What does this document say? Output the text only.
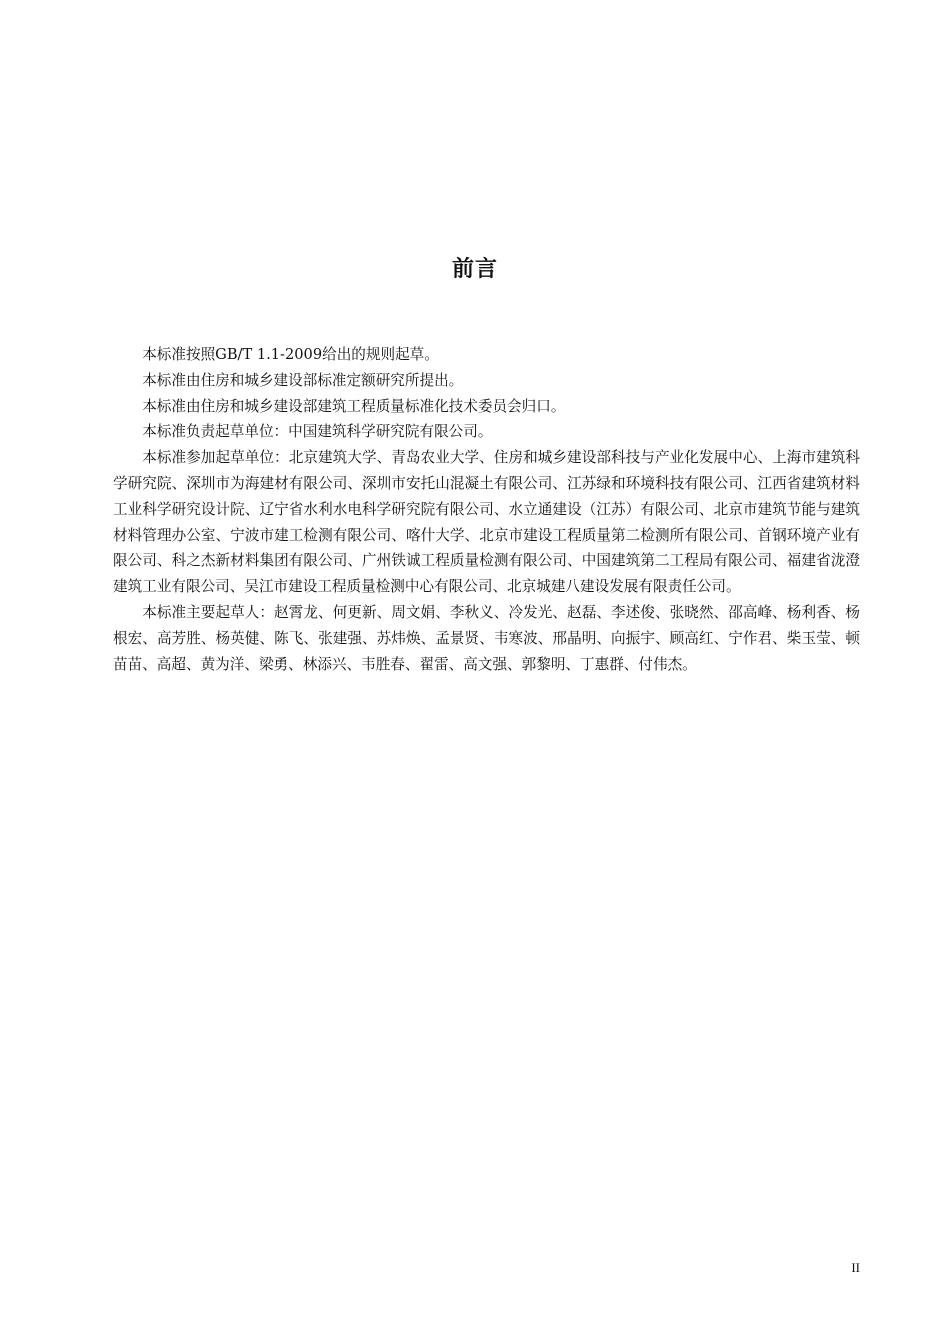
前言

本标准按照GB/T 1.1-2009给出的规则起草。

本标准由住房和城乡建设部标准定额研究所提出。

本标准由住房和城乡建设部建筑工程质量标准化技术委员会归口。

本标准负责起草单位：中国建筑科学研究院有限公司。

本标准参加起草单位：北京建筑大学、青岛农业大学、住房和城乡建设部科技与产业化发展中心、上海市建筑科学研究院、深圳市为海建材有限公司、深圳市安托山混凝土有限公司、江苏绿和环境科技有限公司、江西省建筑材料工业科学研究设计院、辽宁省水利水电科学研究院有限公司、水立通建设（江苏）有限公司、北京市建筑节能与建筑材料管理办公室、宁波市建工检测有限公司、喀什大学、北京市建设工程质量第二检测所有限公司、首钢环境产业有限公司、科之杰新材料集团有限公司、广州铁诚工程质量检测有限公司、中国建筑第二工程局有限公司、福建省泷澄建筑工业有限公司、吴江市建设工程质量检测中心有限公司、北京城建八建设发展有限责任公司。

本标准主要起草人：赵霄龙、何更新、周文娟、李秋义、冷发光、赵磊、李述俊、张晓然、邵高峰、杨利香、杨根宏、高芳胜、杨英健、陈飞、张建强、苏炜焕、孟景贤、韦寒波、邢晶明、向振宇、顾高红、宁作君、柴玉莹、顿苗苗、高超、黄为洋、梁勇、林添兴、韦胜春、翟雷、高文强、郭黎明、丁惠群、付伟杰。

II
